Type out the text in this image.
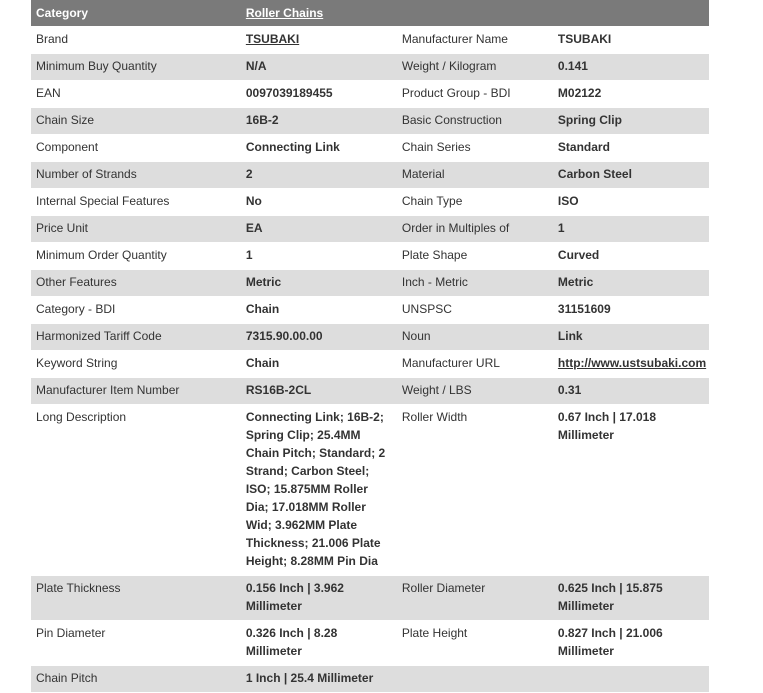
Category	Roller Chains		
Brand	TSUBAKI	Manufacturer Name	TSUBAKI
Minimum Buy Quantity	N/A	Weight / Kilogram	0.141
EAN	0097039189455	Product Group - BDI	M02122
Chain Size	16B-2	Basic Construction	Spring Clip
Component	Connecting Link	Chain Series	Standard
Number of Strands	2	Material	Carbon Steel
Internal Special Features	No	Chain Type	ISO
Price Unit	EA	Order in Multiples of	1
Minimum Order Quantity	1	Plate Shape	Curved
Other Features	Metric	Inch - Metric	Metric
Category - BDI	Chain	UNSPSC	31151609
Harmonized Tariff Code	7315.90.00.00	Noun	Link
Keyword String	Chain	Manufacturer URL	http://www.ustsubaki.com
Manufacturer Item Number	RS16B-2CL	Weight / LBS	0.31
Long Description	Connecting Link; 16B-2; Spring Clip; 25.4MM Chain Pitch; Standard; 2 Strand; Carbon Steel; ISO; 15.875MM Roller Dia; 17.018MM Roller Wid; 3.962MM Plate Thickness; 21.006 Plate Height; 8.28MM Pin Dia	Roller Width	0.67 Inch | 17.018 Millimeter
Plate Thickness	0.156 Inch | 3.962 Millimeter	Roller Diameter	0.625 Inch | 15.875 Millimeter
Pin Diameter	0.326 Inch | 8.28 Millimeter	Plate Height	0.827 Inch | 21.006 Millimeter
Chain Pitch	1 Inch | 25.4 Millimeter		
